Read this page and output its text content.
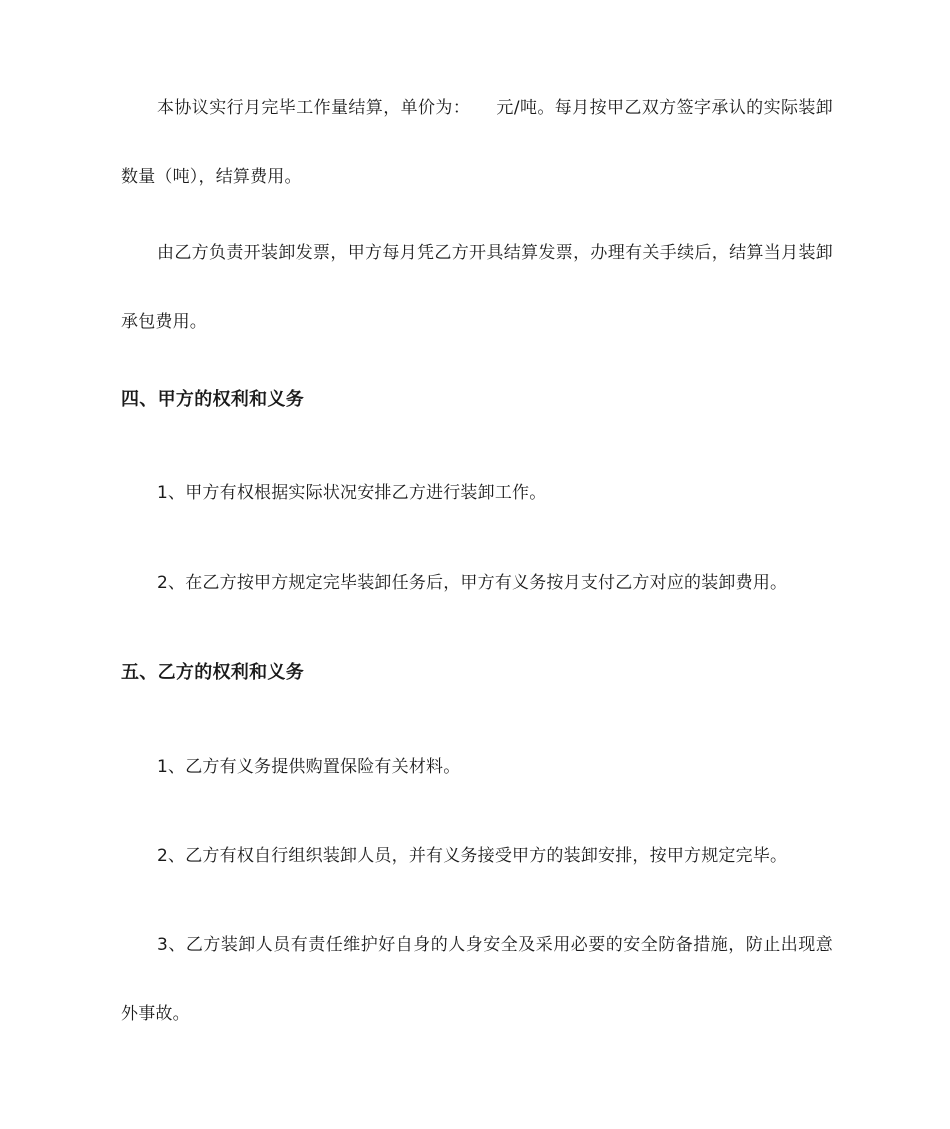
本协议实行月完毕工作量结算，单价为： 元/吨。每月按甲乙双方签字承认的实际装卸数量（吨），结算费用。

由乙方负责开装卸发票，甲方每月凭乙方开具结算发票，办理有关手续后，结算当月装卸承包费用。

四、甲方的权利和义务

1、甲方有权根据实际状况安排乙方进行装卸工作。

2、在乙方按甲方规定完毕装卸任务后，甲方有义务按月支付乙方对应的装卸费用。

五、乙方的权利和义务

1、乙方有义务提供购置保险有关材料。

2、乙方有权自行组织装卸人员，并有义务接受甲方的装卸安排，按甲方规定完毕。

3、乙方装卸人员有责任维护好自身的人身安全及采用必要的安全防备措施，防止出现意外事故。
